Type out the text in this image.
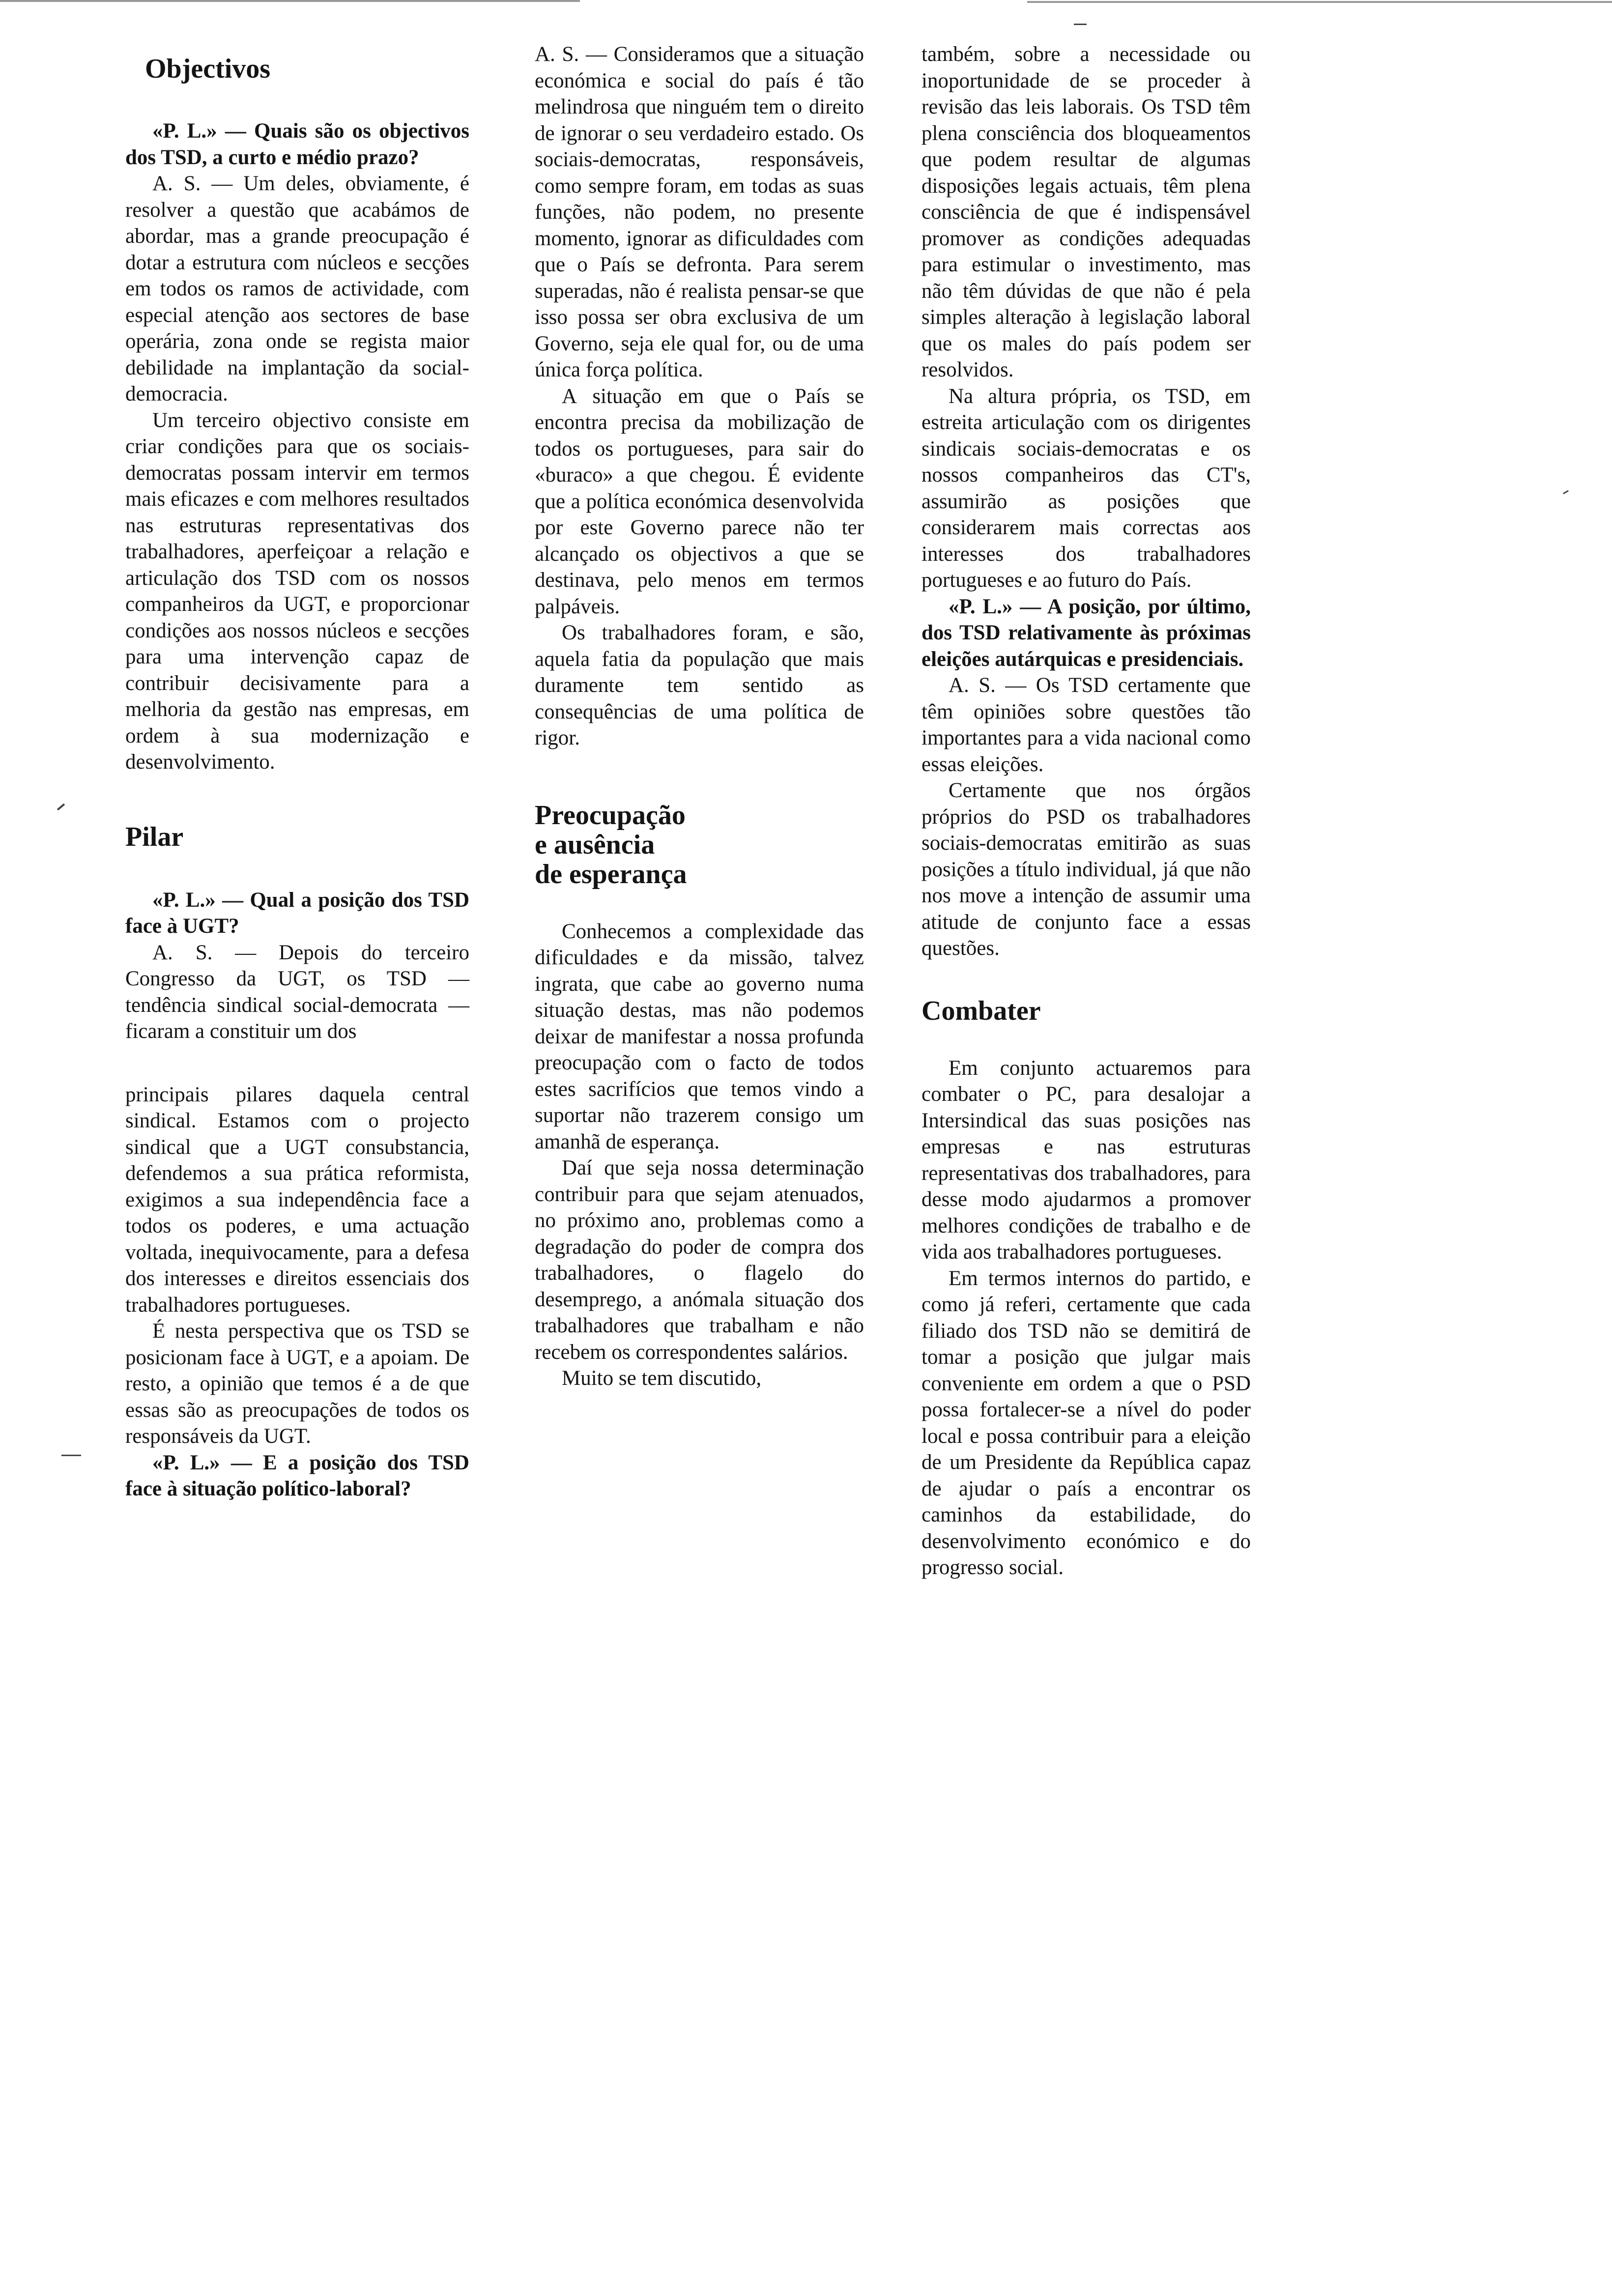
Objectivos

«P. L.» — Quais são os objectivos dos TSD, a curto e médio prazo?

A. S. — Um deles, obviamente, é resolver a questão que acabámos de abordar, mas a grande preocupação é dotar a estrutura com núcleos e secções em todos os ramos de actividade, com especial atenção aos sectores de base operária, zona onde se regista maior debilidade na implantação da social-democracia.

Um terceiro objectivo consiste em criar condições para que os sociais-democratas possam intervir em termos mais eficazes e com melhores resultados nas estruturas representativas dos trabalhadores, aperfeiçoar a relação e articulação dos TSD com os nossos companheiros da UGT, e proporcionar condições aos nossos núcleos e secções para uma intervenção capaz de contribuir decisivamente para a melhoria da gestão nas empresas, em ordem à sua modernização e desenvolvimento.

Pilar

«P. L.» — Qual a posição dos TSD face à UGT?

A. S. — Depois do terceiro Congresso da UGT, os TSD — tendência sindical social-democrata — ficaram a constituir um dos

principais pilares daquela central sindical. Estamos com o projecto sindical que a UGT consubstancia, defendemos a sua prática reformista, exigimos a sua independência face a todos os poderes, e uma actuação voltada, inequivocamente, para a defesa dos interesses e direitos essenciais dos trabalhadores portugueses.

É nesta perspectiva que os TSD se posicionam face à UGT, e a apoiam. De resto, a opinião que temos é a de que essas são as preocupações de todos os responsáveis da UGT.

«P. L.» — E a posição dos TSD face à situação político-laboral?

A. S. — Consideramos que a situação económica e social do país é tão melindrosa que ninguém tem o direito de ignorar o seu verdadeiro estado. Os sociais-democratas, responsáveis, como sempre foram, em todas as suas funções, não podem, no presente momento, ignorar as dificuldades com que o País se defronta. Para serem superadas, não é realista pensar-se que isso possa ser obra exclusiva de um Governo, seja ele qual for, ou de uma única força política.

A situação em que o País se encontra precisa da mobilização de todos os portugueses, para sair do «buraco» a que chegou. É evidente que a política económica desenvolvida por este Governo parece não ter alcançado os objectivos a que se destinava, pelo menos em termos palpáveis.

Os trabalhadores foram, e são, aquela fatia da população que mais duramente tem sentido as consequências de uma política de rigor.

Preocupação
e ausência
de esperança

Conhecemos a complexidade das dificuldades e da missão, talvez ingrata, que cabe ao governo numa situação destas, mas não podemos deixar de manifestar a nossa profunda preocupação com o facto de todos estes sacrifícios que temos vindo a suportar não trazerem consigo um amanhã de esperança.

Daí que seja nossa determinação contribuir para que sejam atenuados, no próximo ano, problemas como a degradação do poder de compra dos trabalhadores, o flagelo do desemprego, a anómala situação dos trabalhadores que trabalham e não recebem os correspondentes salários.

Muito se tem discutido,

também, sobre a necessidade ou inoportunidade de se proceder à revisão das leis laborais. Os TSD têm plena consciência dos bloqueamentos que podem resultar de algumas disposições legais actuais, têm plena consciência de que é indispensável promover as condições adequadas para estimular o investimento, mas não têm dúvidas de que não é pela simples alteração à legislação laboral que os males do país podem ser resolvidos.

Na altura própria, os TSD, em estreita articulação com os dirigentes sindicais sociais-democratas e os nossos companheiros das CT's, assumirão as posições que considerarem mais correctas aos interesses dos trabalhadores portugueses e ao futuro do País.

«P. L.» — A posição, por último, dos TSD relativamente às próximas eleições autárquicas e presidenciais.

A. S. — Os TSD certamente que têm opiniões sobre questões tão importantes para a vida nacional como essas eleições.

Certamente que nos órgãos próprios do PSD os trabalhadores sociais-democratas emitirão as suas posições a título individual, já que não nos move a intenção de assumir uma atitude de conjunto face a essas questões.

Combater

Em conjunto actuaremos para combater o PC, para desalojar a Intersindical das suas posições nas empresas e nas estruturas representativas dos trabalhadores, para desse modo ajudarmos a promover melhores condições de trabalho e de vida aos trabalhadores portugueses.

Em termos internos do partido, e como já referi, certamente que cada filiado dos TSD não se demitirá de tomar a posição que julgar mais conveniente em ordem a que o PSD possa fortalecer-se a nível do poder local e possa contribuir para a eleição de um Presidente da República capaz de ajudar o país a encontrar os caminhos da estabilidade, do desenvolvimento económico e do progresso social.
